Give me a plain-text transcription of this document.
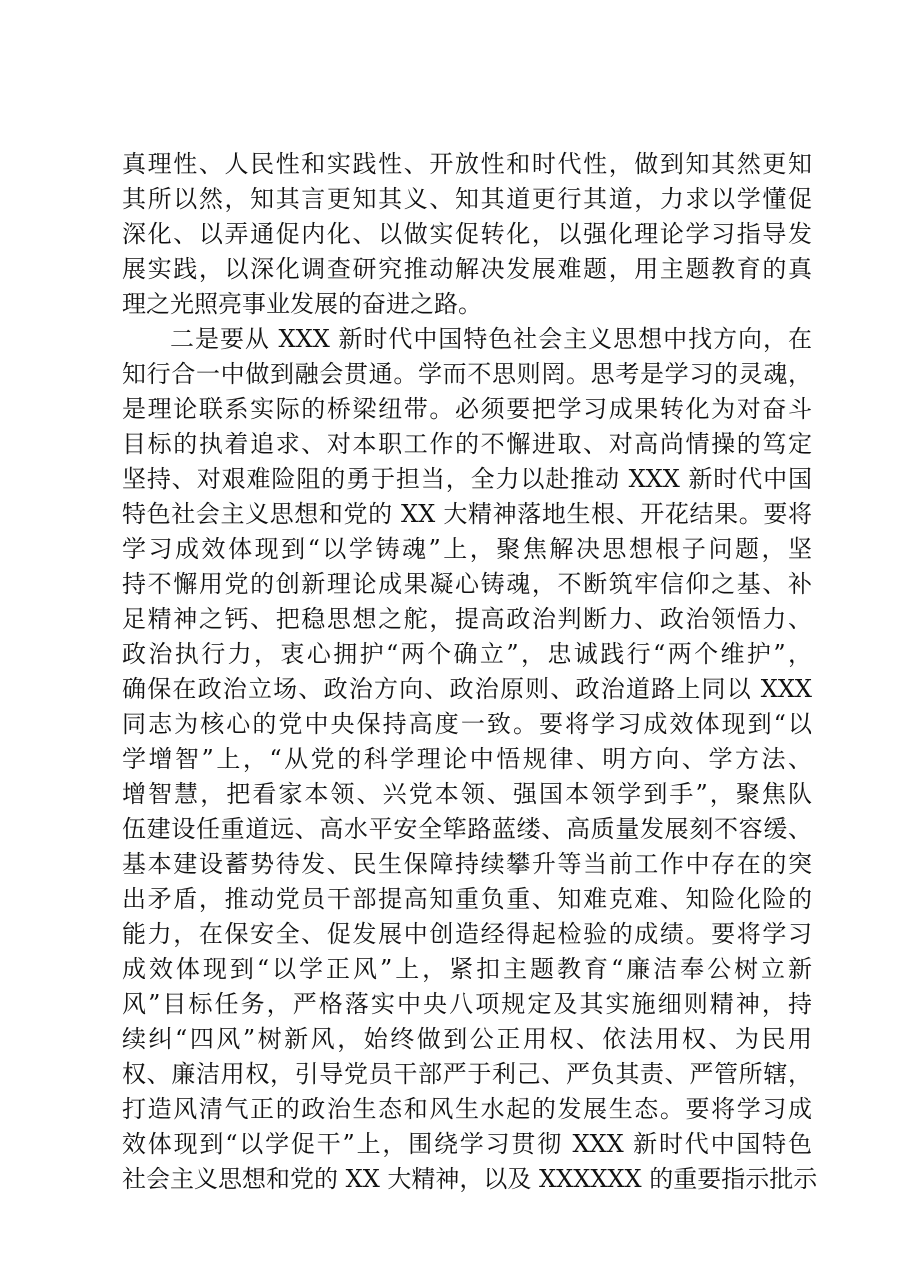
真理性、人民性和实践性、开放性和时代性，做到知其然更知
其所以然，知其言更知其义、知其道更行其道，力求以学懂促
深化、以弄通促内化、以做实促转化，以强化理论学习指导发
展实践，以深化调查研究推动解决发展难题，用主题教育的真
理之光照亮事业发展的奋进之路。
二是要从 XXX 新时代中国特色社会主义思想中找方向，在
知行合一中做到融会贯通。学而不思则罔。思考是学习的灵魂，
是理论联系实际的桥梁纽带。必须要把学习成果转化为对奋斗
目标的执着追求、对本职工作的不懈进取、对高尚情操的笃定
坚持、对艰难险阻的勇于担当，全力以赴推动 XXX 新时代中国
特色社会主义思想和党的 XX 大精神落地生根、开花结果。要将
学习成效体现到“以学铸魂”上，聚焦解决思想根子问题，坚
持不懈用党的创新理论成果凝心铸魂，不断筑牢信仰之基、补
足精神之钙、把稳思想之舵，提高政治判断力、政治领悟力、
政治执行力，衷心拥护“两个确立”，忠诚践行“两个维护”，
确保在政治立场、政治方向、政治原则、政治道路上同以 XXX
同志为核心的党中央保持高度一致。要将学习成效体现到“以
学增智”上，“从党的科学理论中悟规律、明方向、学方法、
增智慧，把看家本领、兴党本领、强国本领学到手”，聚焦队
伍建设任重道远、高水平安全筚路蓝缕、高质量发展刻不容缓、
基本建设蓄势待发、民生保障持续攀升等当前工作中存在的突
出矛盾，推动党员干部提高知重负重、知难克难、知险化险的
能力，在保安全、促发展中创造经得起检验的成绩。要将学习
成效体现到“以学正风”上，紧扣主题教育“廉洁奉公树立新
风”目标任务，严格落实中央八项规定及其实施细则精神，持
续纠“四风”树新风，始终做到公正用权、依法用权、为民用
权、廉洁用权，引导党员干部严于利己、严负其责、严管所辖，
打造风清气正的政治生态和风生水起的发展生态。要将学习成
效体现到“以学促干”上，围绕学习贯彻 XXX 新时代中国特色
社会主义思想和党的 XX 大精神，以及 XXXXXX 的重要指示批示
